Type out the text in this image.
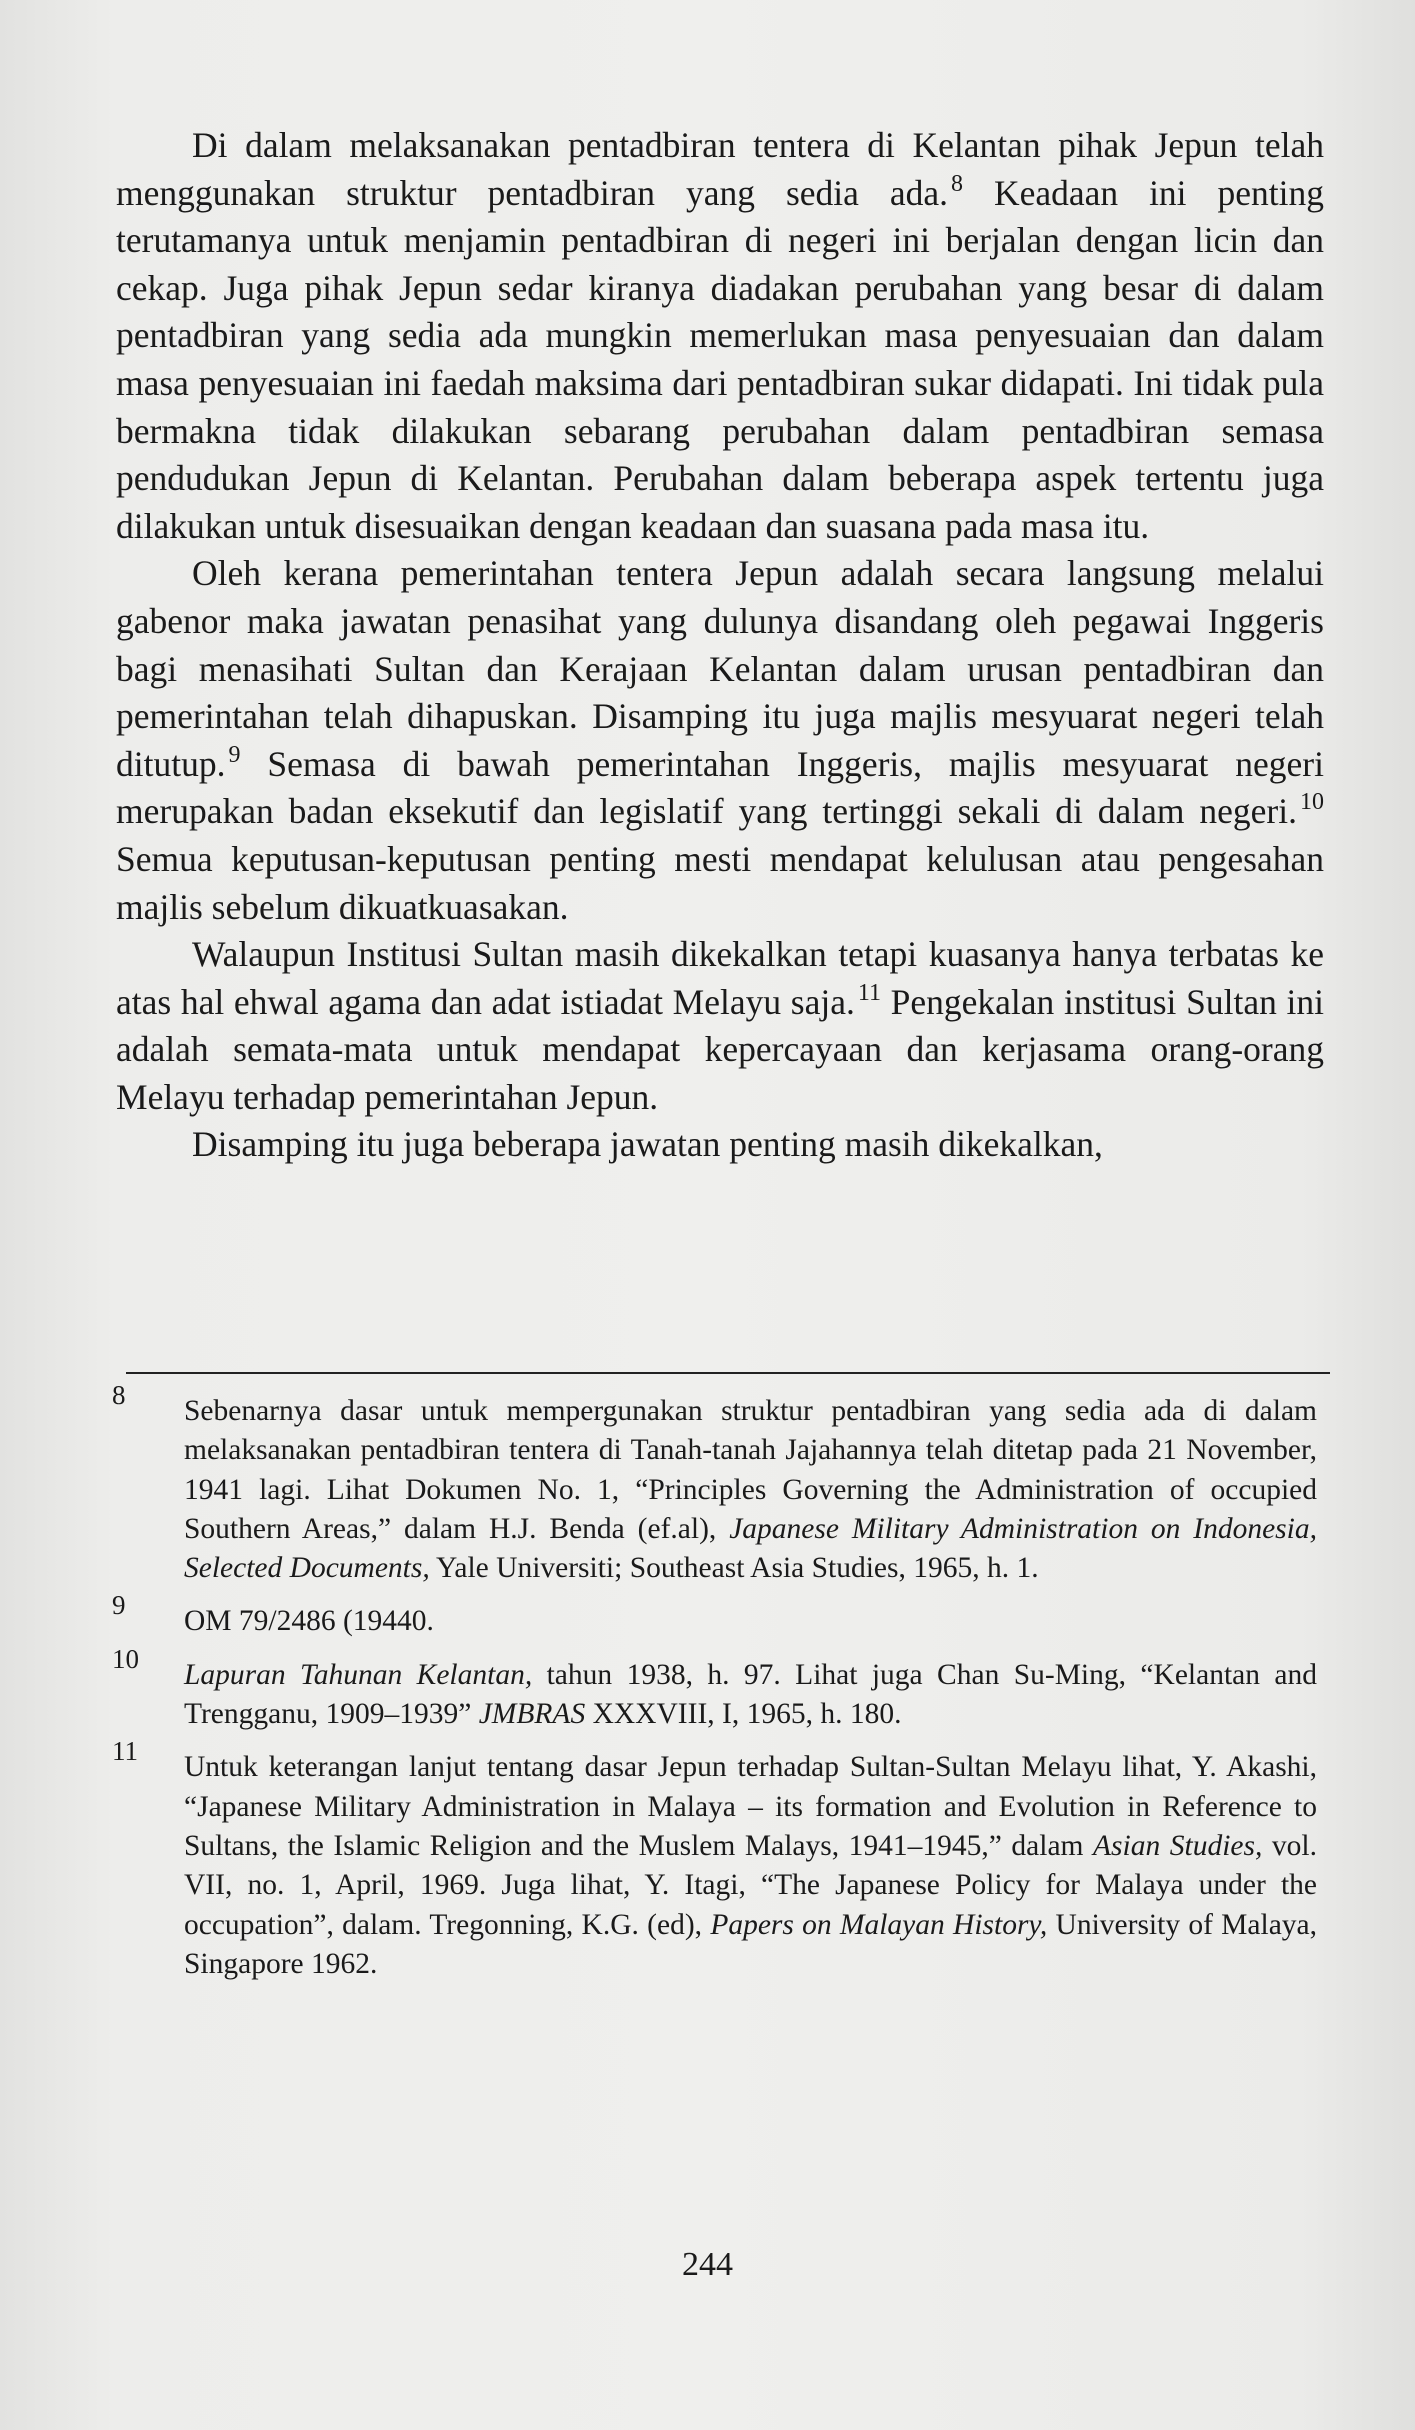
Di dalam melaksanakan pentadbiran tentera di Kelantan pihak Jepun telah menggunakan struktur pentadbiran yang sedia ada. $^8$ Keadaan ini penting terutamanya untuk menjamin pentadbiran di negeri ini berjalan dengan licin dan cekap. Juga pihak Jepun sedar kiranya diadakan perubahan yang besar di dalam pentadbiran yang sedia ada mungkin memerlukan masa penyesuaian dan dalam masa penyesuaian ini faedah maksima dari pentadbiran sukar didapati. Ini tidak pula bermakna tidak dilakukan sebarang perubahan dalam pentadbiran semasa pendudukan Jepun di Kelantan. Perubahan dalam beberapa aspek tertentu juga dilakukan untuk disesuaikan dengan keadaan dan suasana pada masa itu.

Oleh kerana pemerintahan tentera Jepun adalah secara langsung melalui gabenor maka jawatan penasihat yang dulunya disandang oleh pegawai Inggeris bagi menasihati Sultan dan Kerajaan Kelantan dalam urusan pentadbiran dan pemerintahan telah dihapuskan. Disamping itu juga majlis mesyuarat negeri telah ditutup. $^9$ Semasa di bawah pemerintahan Inggeris, majlis mesyuarat negeri merupakan badan eksekutif dan legislatif yang tertinggi sekali di dalam negeri. $^{10}$ Semua keputusan-keputusan penting mesti mendapat kelulusan atau pengesahan majlis sebelum dikuatkuasakan.

Walaupun Institusi Sultan masih dikekalkan tetapi kuasanya hanya terbatas ke atas hal ehwal agama dan adat istiadat Melayu saja. $^{11}$ Pengekalan institusi Sultan ini adalah semata-mata untuk mendapat kepercayaan dan kerjasama orang-orang Melayu terhadap pemerintahan Jepun.

Disamping itu juga beberapa jawatan penting masih dikekalkan,

8 Sebenarnya dasar untuk mempergunakan struktur pentadbiran yang sedia ada di dalam melaksanakan pentadbiran tentera di Tanah-tanah Jajahannya telah ditetap pada 21 November, 1941 lagi. Lihat Dokumen No. 1, “Principles Governing the Administration of occupied Southern Areas,” dalam H.J. Benda (ef.al), Japanese Military Administration on Indonesia, Selected Documents, Yale Universiti; Southeast Asia Studies, 1965, h. 1.
9 OM 79/2486 (19440.
10 Lapuran Tahunan Kelantan, tahun 1938, h. 97. Lihat juga Chan Su-Ming, “Kelantan and Trengganu, 1909–1939” JMBRAS XXXVIII, I, 1965, h. 180.
11 Untuk keterangan lanjut tentang dasar Jepun terhadap Sultan-Sultan Melayu lihat, Y. Akashi, “Japanese Military Administration in Malaya – its formation and Evolution in Reference to Sultans, the Islamic Religion and the Muslem Malays, 1941–1945,” dalam Asian Studies, vol. VII, no. 1, April, 1969. Juga lihat, Y. Itagi, “The Japanese Policy for Malaya under the occupation”, dalam. Tregonning, K.G. (ed), Papers on Malayan History, University of Malaya, Singapore 1962.
244
